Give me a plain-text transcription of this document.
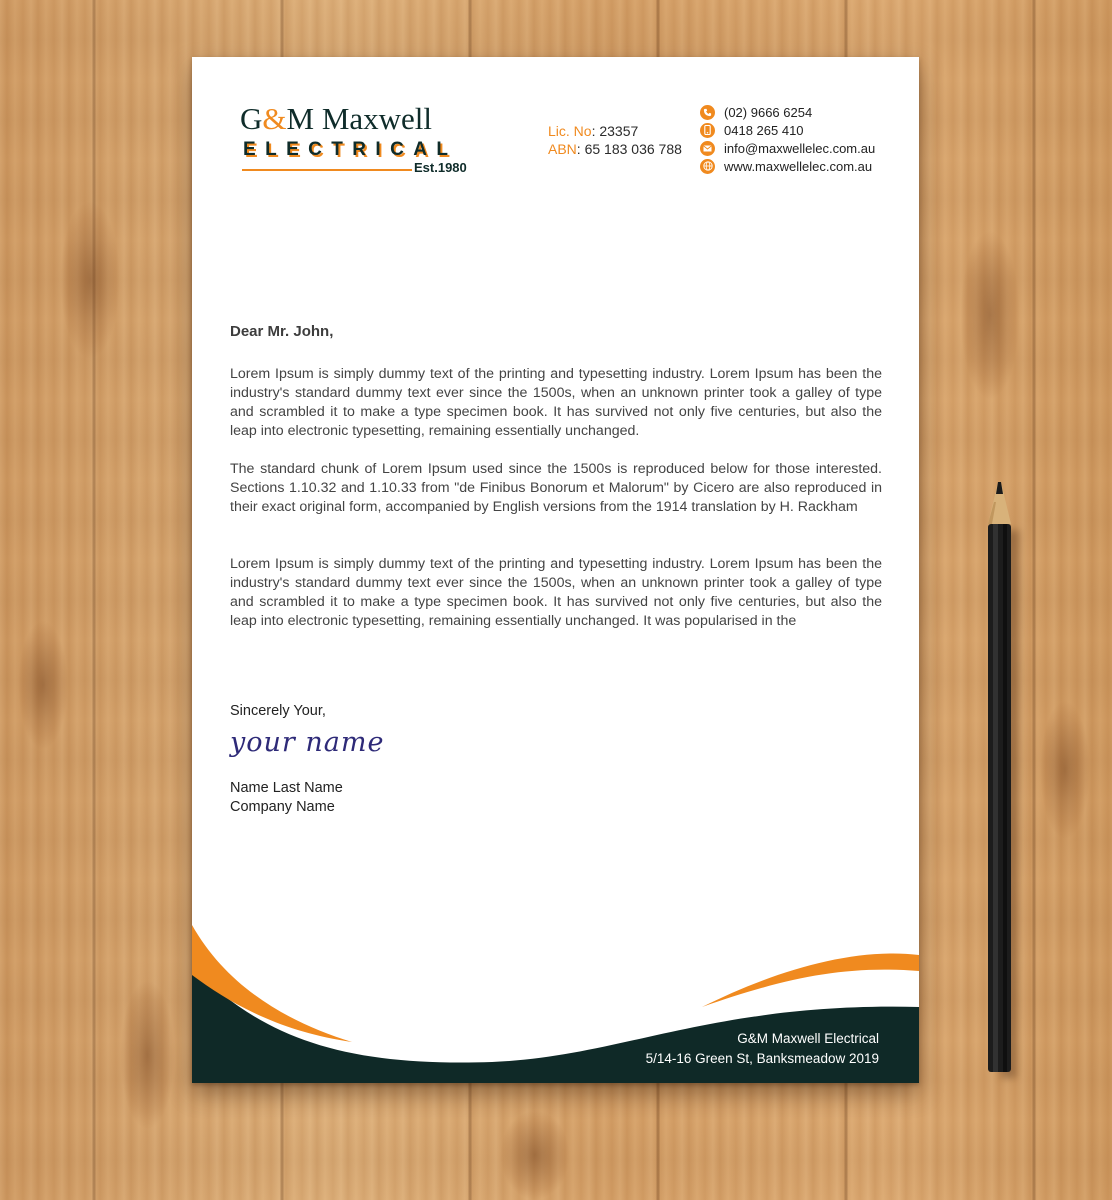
G&M Maxwell
ELECTRICAL
Est.1980
Lic. No: 23357
ABN: 65 183 036 788
(02) 9666 6254
0418 265 410
info@maxwellelec.com.au
www.maxwellelec.com.au
Dear Mr. John,

Lorem Ipsum is simply dummy text of the printing and typesetting industry. Lorem Ipsum has been the industry's standard dummy text ever since the 1500s, when an unknown printer took a galley of type and scrambled it to make a type specimen book. It has survived not only five centuries, but also the leap into electronic typesetting, remaining essentially unchanged.

The standard chunk of Lorem Ipsum used since the 1500s is reproduced below for those interested. Sections 1.10.32 and 1.10.33 from "de Finibus Bonorum et Malorum" by Cicero are also reproduced in their exact original form, accompanied by English versions from the 1914 translation by H. Rackham

Lorem Ipsum is simply dummy text of the printing and typesetting industry. Lorem Ipsum has been the industry's standard dummy text ever since the 1500s, when an unknown printer took a galley of type and scrambled it to make a type specimen book. It has survived not only five centuries, but also the leap into electronic typesetting, remaining essentially unchanged. It was popularised in the

Sincerely Your,
your name
Name Last Name
Company Name
G&M Maxwell Electrical
5/14-16 Green St, Banksmeadow 2019
